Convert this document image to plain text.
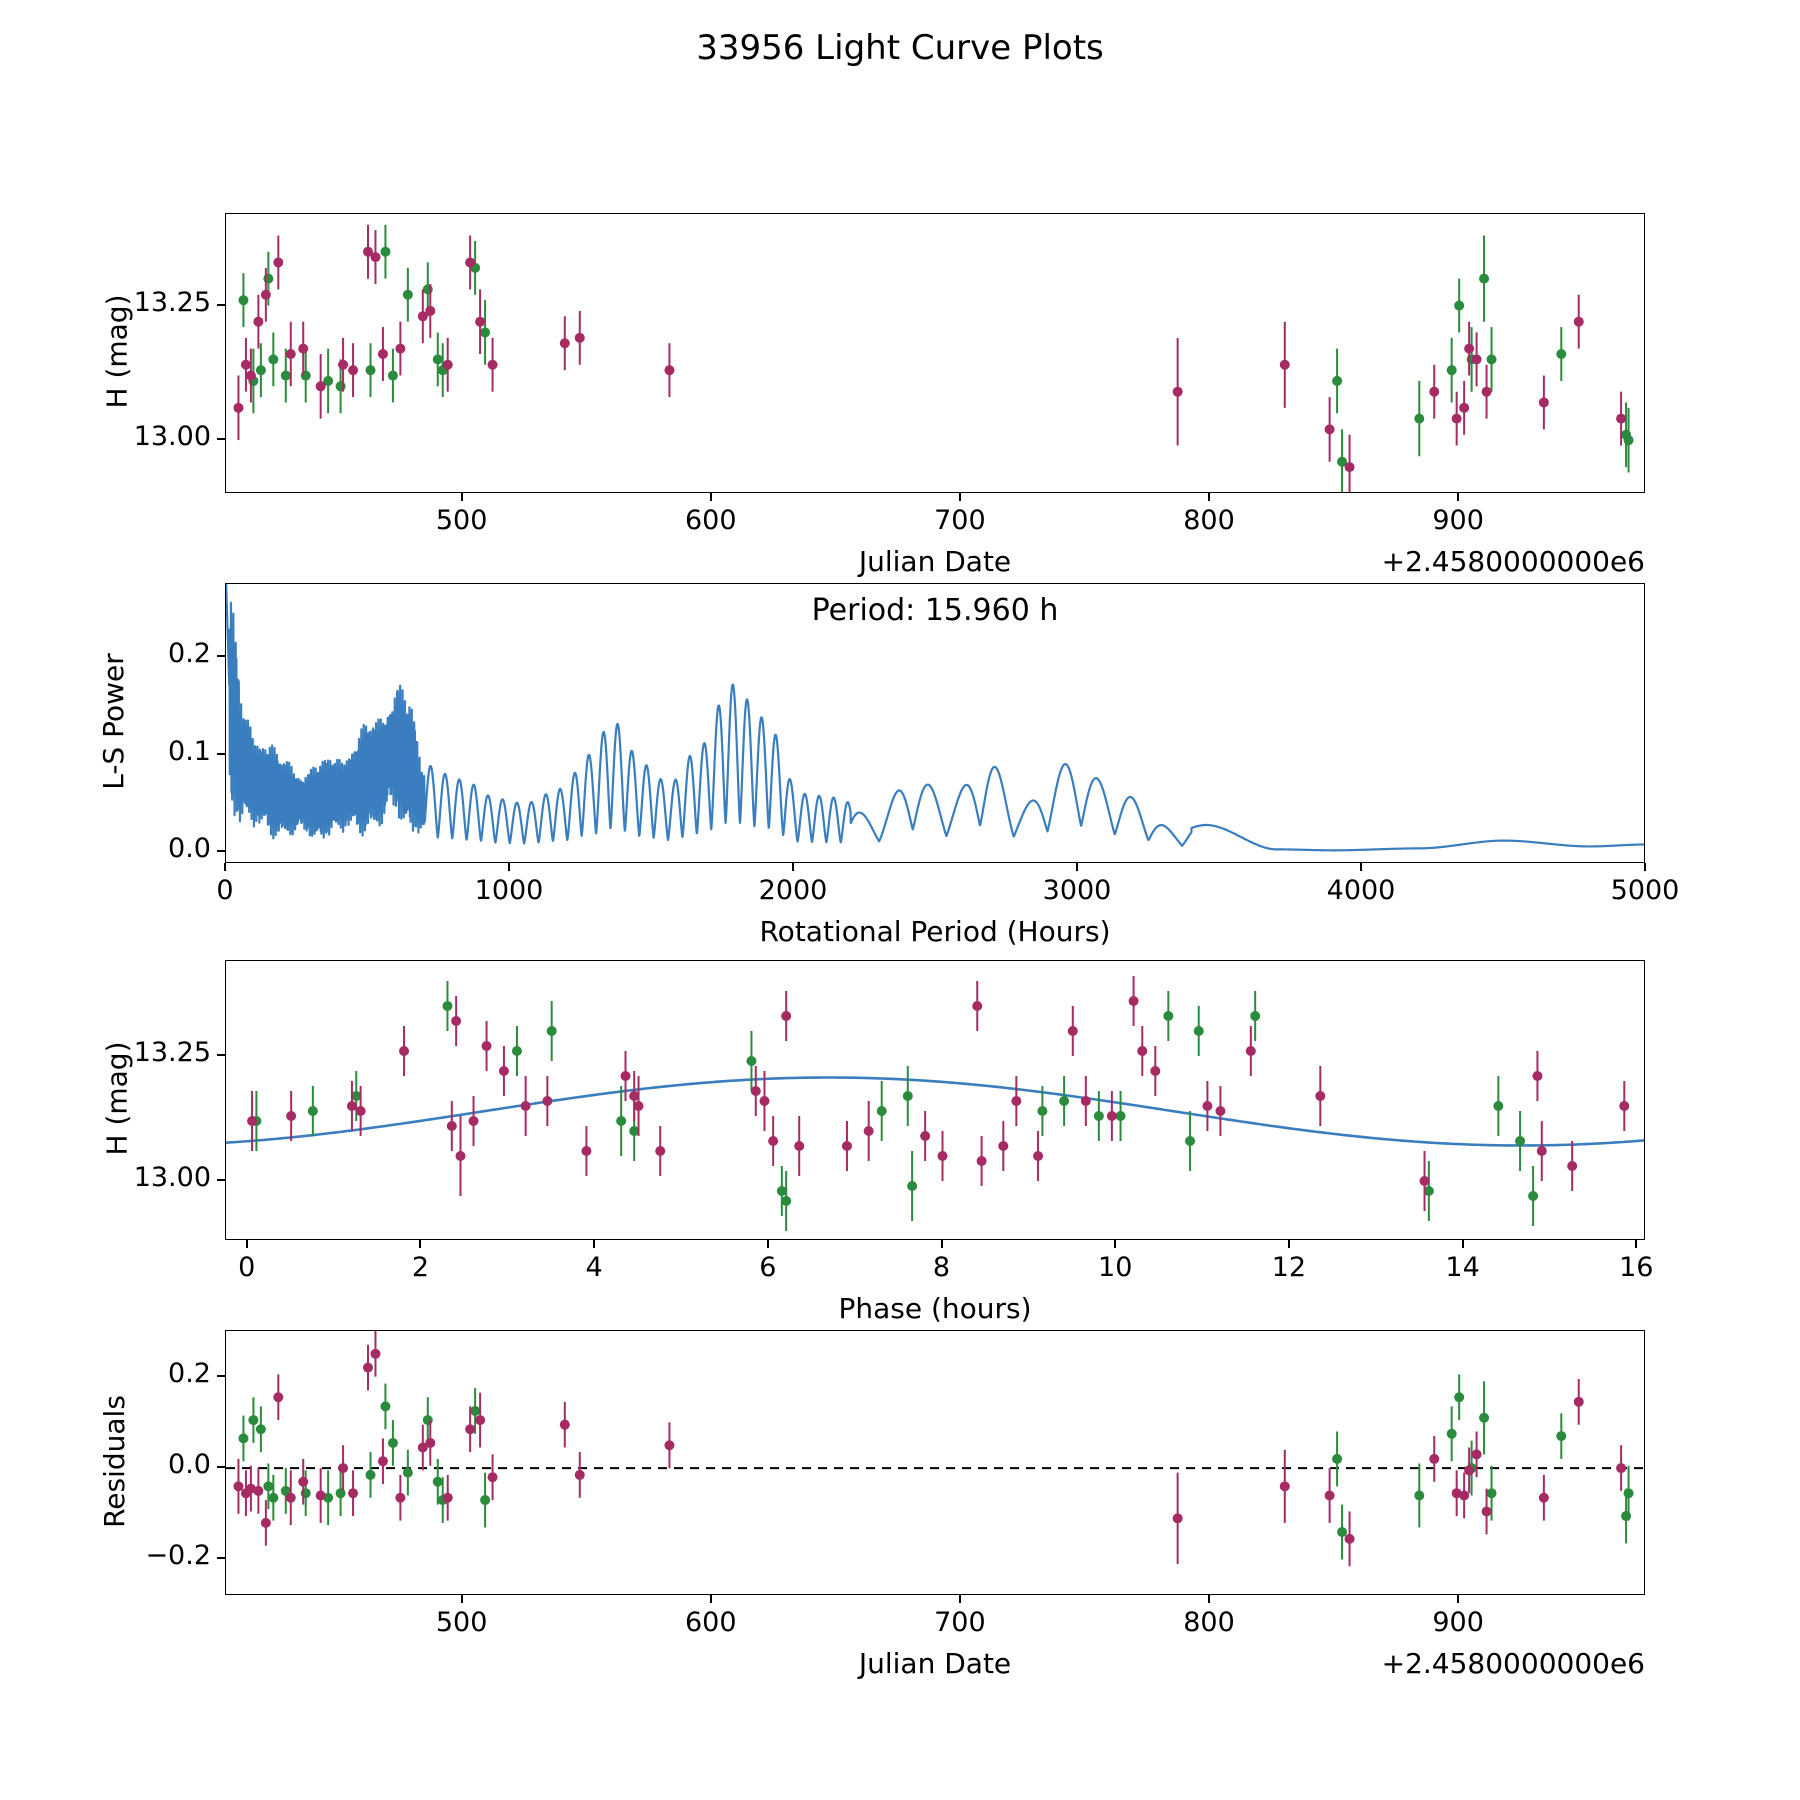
33956 Light Curve Plots
H (mag)
Julian Date	+2.4580000000e6
L-S Power
Rotational Period (Hours)
Period: 15.960 h
H (mag)
Phase (hours)
Residuals
Julian Date	+2.4580000000e6
500	600	700	800	900
13.00
13.25
0	1000	2000	3000	4000	5000
0.0
0.1
0.2
0	2	4	6	8	10	12	14	16
13.00
13.25
500	600	700	800	900
−0.2
0.0
0.2
